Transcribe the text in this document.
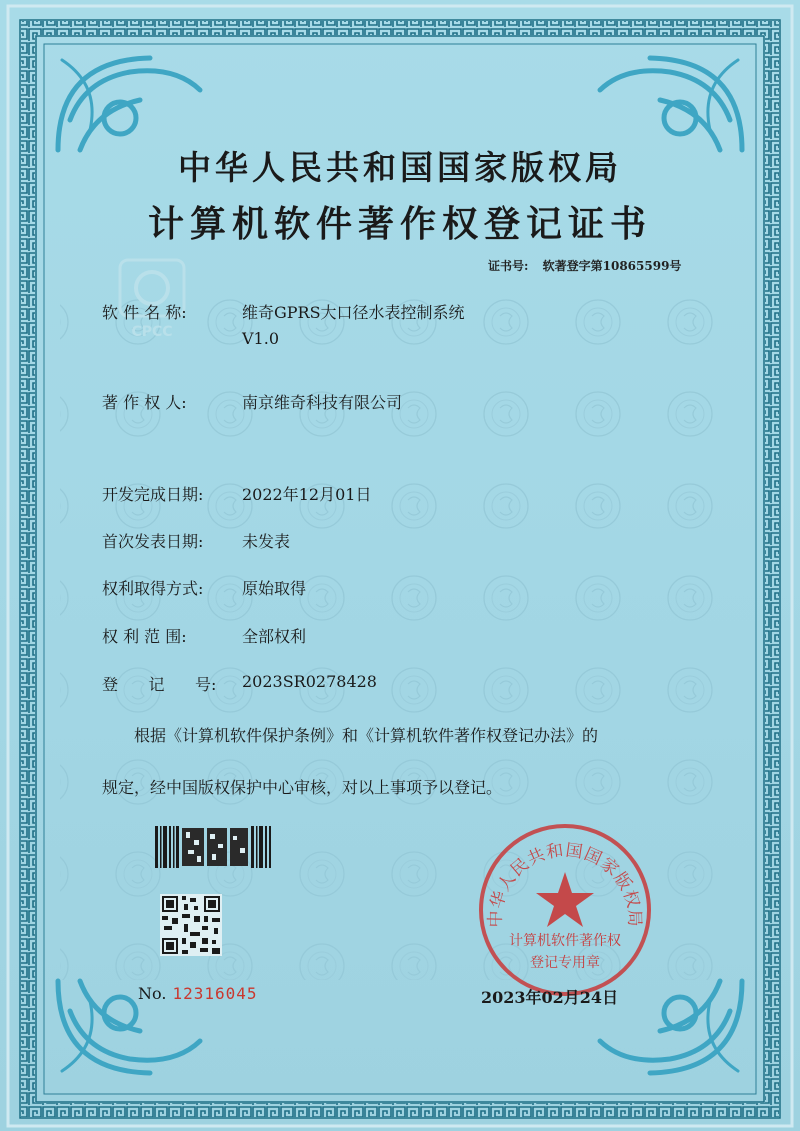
CPCC
中华人民共和国国家版权局
计算机软件著作权登记证书
证书号: 软著登字第10865599号
软 件 名 称:	维奇GPRS大口径水表控制系统
V1.0
著 作 权 人:	南京维奇科技有限公司
开发完成日期: 2022年12月01日
首次发表日期: 未发表
权利取得方式: 原始取得
权 利 范 围:	全部权利
登      记      号: 2023SR0278428

根据《计算机软件保护条例》和《计算机软件著作权登记办法》的

规定，经中国版权保护中心审核，对以上事项予以登记。

中华人民共和国国家版权局
计算机软件著作权
登记专用章
No. 12316045	2023年02月24日
